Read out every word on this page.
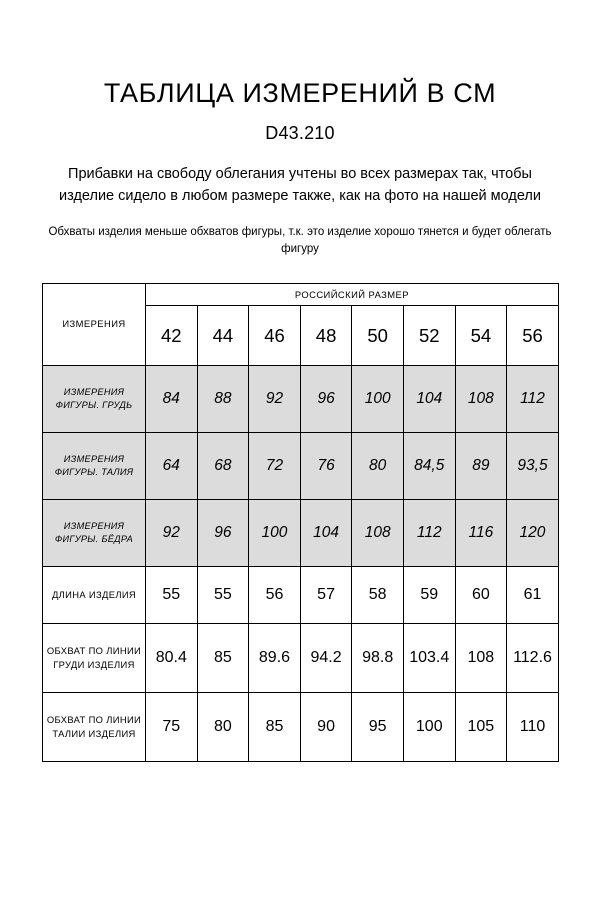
ТАБЛИЦА ИЗМЕРЕНИЙ В СМ
D43.210

Прибавки на свободу облегания учтены во всех размерах так, чтобы изделие сидело в любом размере также, как на фото на нашей модели

Обхваты изделия меньше обхватов фигуры, т.к. это изделие хорошо тянется и будет облегать фигуру

ИЗМЕРЕНИЯ	РОССИЙСКИЙ РАЗМЕР							
	42	44	46	48	50	52	54	56
ИЗМЕРЕНИЯ ФИГУРЫ. ГРУДЬ	84	88	92	96	100	104	108	112
ИЗМЕРЕНИЯ ФИГУРЫ. ТАЛИЯ	64	68	72	76	80	84,5	89	93,5
ИЗМЕРЕНИЯ ФИГУРЫ. БЁДРА	92	96	100	104	108	112	116	120
ДЛИНА ИЗДЕЛИЯ	55	55	56	57	58	59	60	61
ОБХВАТ ПО ЛИНИИ ГРУДИ ИЗДЕЛИЯ	80.4	85	89.6	94.2	98.8	103.4	108	112.6
ОБХВАТ ПО ЛИНИИ ТАЛИИ ИЗДЕЛИЯ	75	80	85	90	95	100	105	110
